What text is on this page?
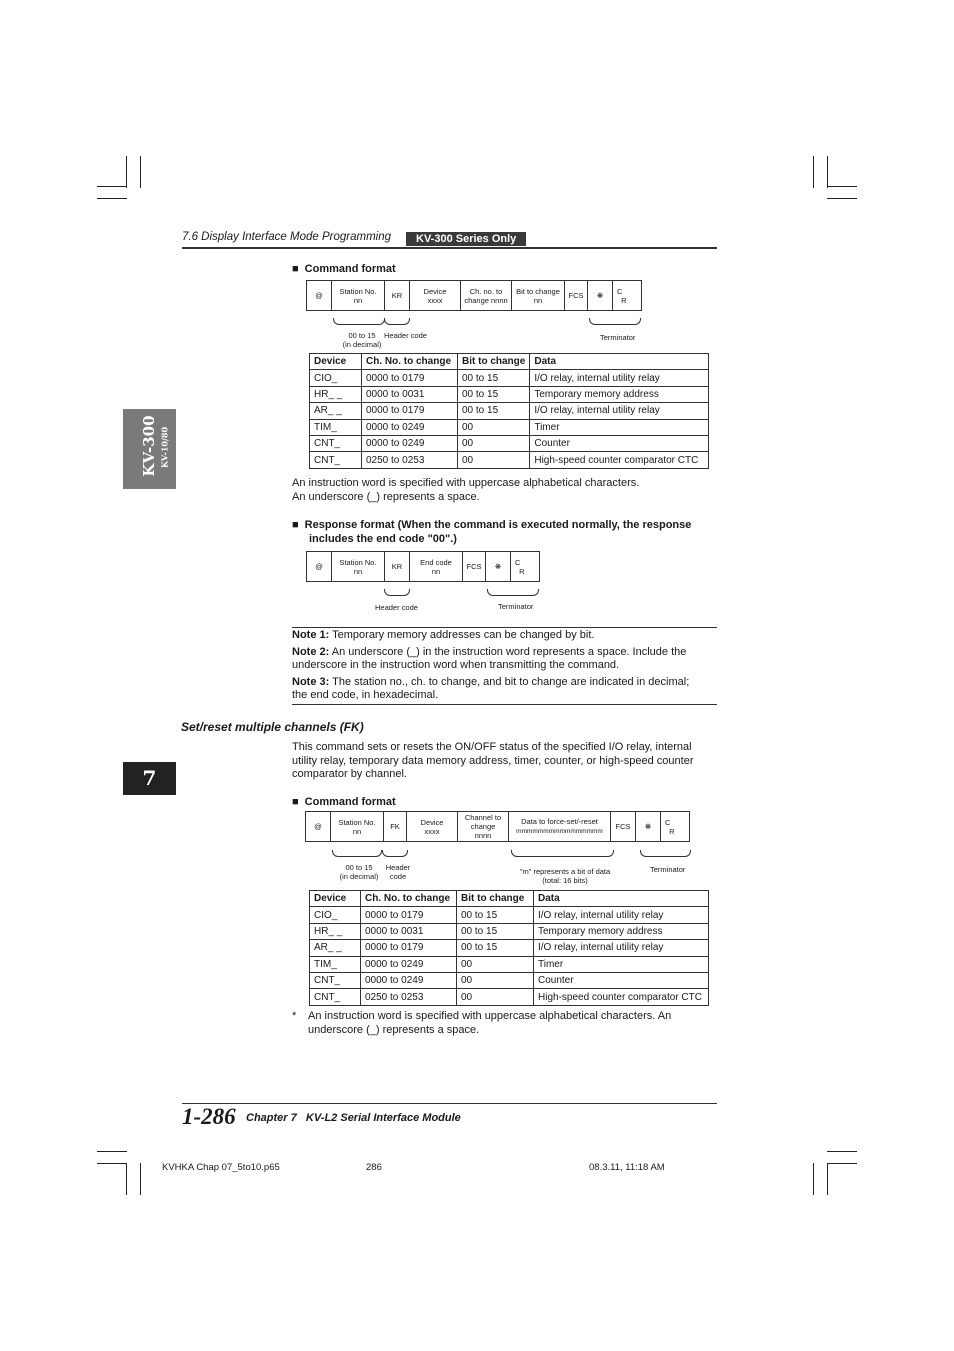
7.6 Display Interface Mode Programming	KV-300 Series Only
KV-300 KV-10/80
7
■ Command format
@	Station No.
nn	KR	Device
xxxx	Ch. no. to
change nnnn	Bit to change
nn	FCS	❋	C
R
00 to 15
(in decimal)
Header code	Terminator
Device	Ch. No. to change	Bit to change	Data
CIO_	0000 to 0179	00 to 15	I/O relay, internal utility relay
HR_ _	0000 to 0031	00 to 15	Temporary memory address
AR_ _	0000 to 0179	00 to 15	I/O relay, internal utility relay
TIM_	0000 to 0249	00	Timer
CNT_	0000 to 0249	00	Counter
CNT_	0250 to 0253	00	High-speed counter comparator CTC
An instruction word is specified with uppercase alphabetical characters.
An underscore (_) represents a space.
■ Response format (When the command is executed normally, the response
includes the end code "00".)
@	Station No.
nn	KR	End code
nn	FCS	❋	C
R
Header code	Terminator
Note 1: Temporary memory addresses can be changed by bit.
Note 2: An underscore (_) in the instruction word represents a space. Include the
underscore in the instruction word when transmitting the command.
Note 3: The station no., ch. to change, and bit to change are indicated in decimal;
the end code, in hexadecimal.
Set/reset multiple channels (FK)
This command sets or resets the ON/OFF status of the specified I/O relay, internal
utility relay, temporary data memory address, timer, counter, or high-speed counter
comparator by channel.
■ Command format
@	Station No.
nn	FK	Device
xxxx	Channel to
change
nnnn	Data to force-set/-reset
mmmmmmmmmmmmmmmm	FCS	❋	C
R
00 to 15
(in decimal)
Header
code
"m" represents a bit of data
(total: 16 bits)
Terminator
Device	Ch. No. to change	Bit to change	Data
CIO_	0000 to 0179	00 to 15	I/O relay, internal utility relay
HR_ _	0000 to 0031	00 to 15	Temporary memory address
AR_ _	0000 to 0179	00 to 15	I/O relay, internal utility relay
TIM_	0000 to 0249	00	Timer
CNT_	0000 to 0249	00	Counter
CNT_	0250 to 0253	00	High-speed counter comparator CTC
* An instruction word is specified with uppercase alphabetical characters. An
underscore (_) represents a space.
1-286 Chapter 7 KV-L2 Serial Interface Module
KVHKA Chap 07_5to10.p65	286	08.3.11, 11:18 AM
